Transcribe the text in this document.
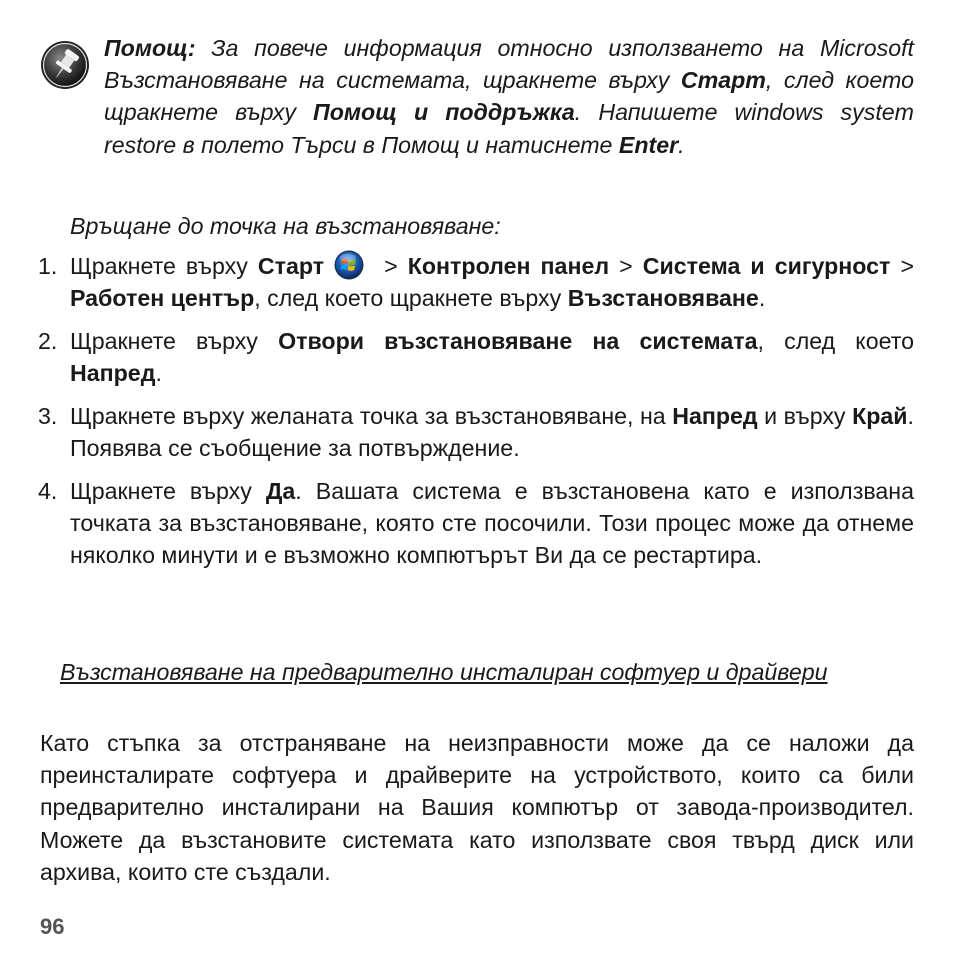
Помощ: За повече информация относно използването на Microsoft Възстановяване на системата, щракнете върху Старт, след което щракнете върху Помощ и поддръжка. Напишете windows system restore в полето Търси в Помощ и натиснете Enter.
Връщане до точка на възстановяване:
1. Щракнете върху Старт > Контролен панел > Система и сигурност > Работен център, след което щракнете върху Възстановяване.
2. Щракнете върху Отвори възстановяване на системата, след което Напред.
3. Щракнете върху желаната точка за възстановяване, на Напред и върху Край. Появява се съобщение за потвърждение.
4. Щракнете върху Да. Вашата система е възстановена като е използвана точката за възстановяване, която сте посочили. Този процес може да отнеме няколко минути и е възможно компютърът Ви да се рестартира.
Възстановяване на предварително инсталиран софтуер и драйвери
Като стъпка за отстраняване на неизправности може да се наложи да преинсталирате софтуера и драйверите на устройството, които са били предварително инсталирани на Вашия компютър от завода-производител. Можете да възстановите системата като използвате своя твърд диск или архива, които сте създали.
96
